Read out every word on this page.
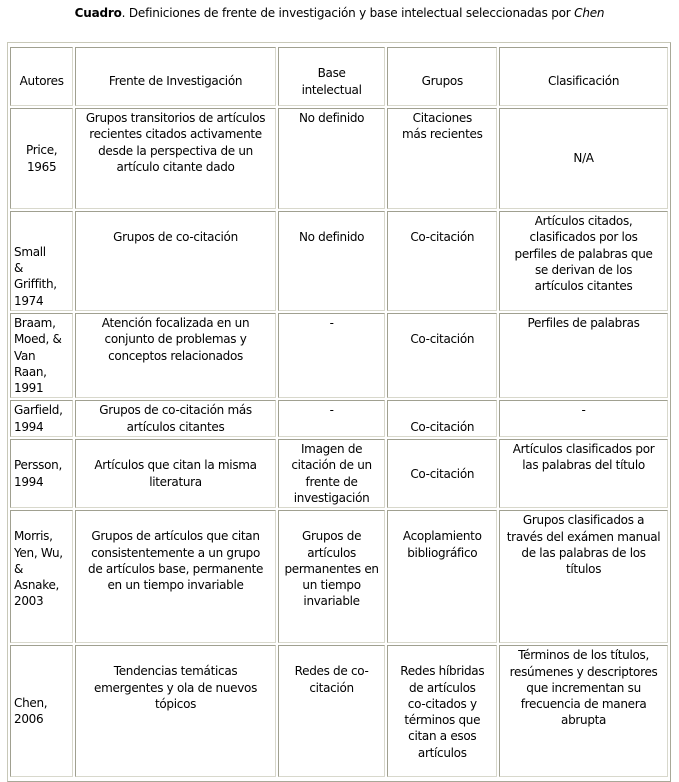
Cuadro. Definiciones de frente de investigación y base intelectual seleccionadas por Chen
Autores	Frente de Investigación	Base intelectual	Grupos	Clasificación
Price, 1965	Grupos transitorios de artículos recientes citados activamente desde la perspectiva de un artículo citante dado	No definido	Citaciones más recientes	N/A
Small & Griffith, 1974	Grupos de co-citación	No definido	Co-citación	Artículos citados, clasificados por los perfiles de palabras que se derivan de los artículos citantes
Braam, Moed, & Van Raan, 1991	Atención focalizada en un conjunto de problemas y conceptos relacionados	-	Co-citación	Perfiles de palabras
Garfield, 1994	Grupos de co-citación más artículos citantes	-	Co-citación	-
Persson, 1994	Artículos que citan la misma literatura	Imagen de citación de un frente de investigación	Co-citación	Artículos clasificados por las palabras del título
Morris, Yen, Wu, & Asnake, 2003	Grupos de artículos que citan consistentemente a un grupo de artículos base, permanente en un tiempo invariable	Grupos de artículos permanentes en un tiempo invariable	Acoplamiento bibliográfico	Grupos clasificados a través del exámen manual de las palabras de los títulos
Chen, 2006	Tendencias temáticas emergentes y ola de nuevos tópicos	Redes de co-citación	Redes híbridas de artículos co-citados y términos que citan a esos artículos	Términos de los títulos, resúmenes y descriptores que incrementan su frecuencia de manera abrupta
